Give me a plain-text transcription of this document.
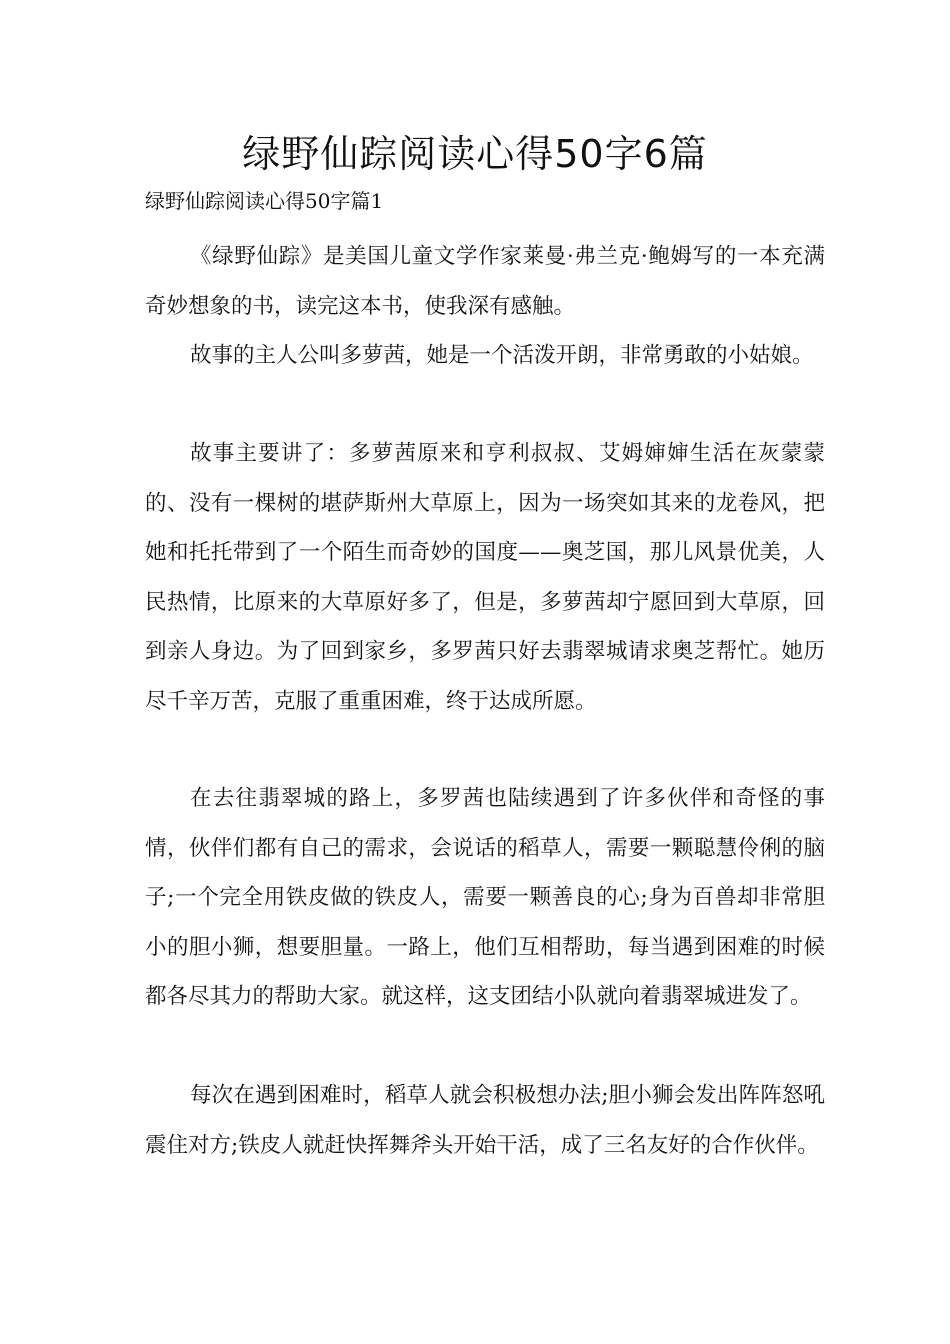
绿野仙踪阅读心得50字6篇

绿野仙踪阅读心得50字篇1

《绿野仙踪》是美国儿童文学作家莱曼·弗兰克·鲍姆写的一本充满奇妙想象的书，读完这本书，使我深有感触。

故事的主人公叫多萝茜，她是一个活泼开朗，非常勇敢的小姑娘。

故事主要讲了：多萝茜原来和亨利叔叔、艾姆婶婶生活在灰蒙蒙的、没有一棵树的堪萨斯州大草原上，因为一场突如其来的龙卷风，把她和托托带到了一个陌生而奇妙的国度——奥芝国，那儿风景优美，人民热情，比原来的大草原好多了，但是，多萝茜却宁愿回到大草原，回到亲人身边。为了回到家乡，多罗茜只好去翡翠城请求奥芝帮忙。她历尽千辛万苦，克服了重重困难，终于达成所愿。

在去往翡翠城的路上，多罗茜也陆续遇到了许多伙伴和奇怪的事情，伙伴们都有自己的需求，会说话的稻草人，需要一颗聪慧伶俐的脑子;一个完全用铁皮做的铁皮人，需要一颗善良的心;身为百兽却非常胆小的胆小狮，想要胆量。一路上，他们互相帮助，每当遇到困难的时候都各尽其力的帮助大家。就这样，这支团结小队就向着翡翠城进发了。

每次在遇到困难时，稻草人就会积极想办法;胆小狮会发出阵阵怒吼震住对方;铁皮人就赶快挥舞斧头开始干活，成了三名友好的合作伙伴。
